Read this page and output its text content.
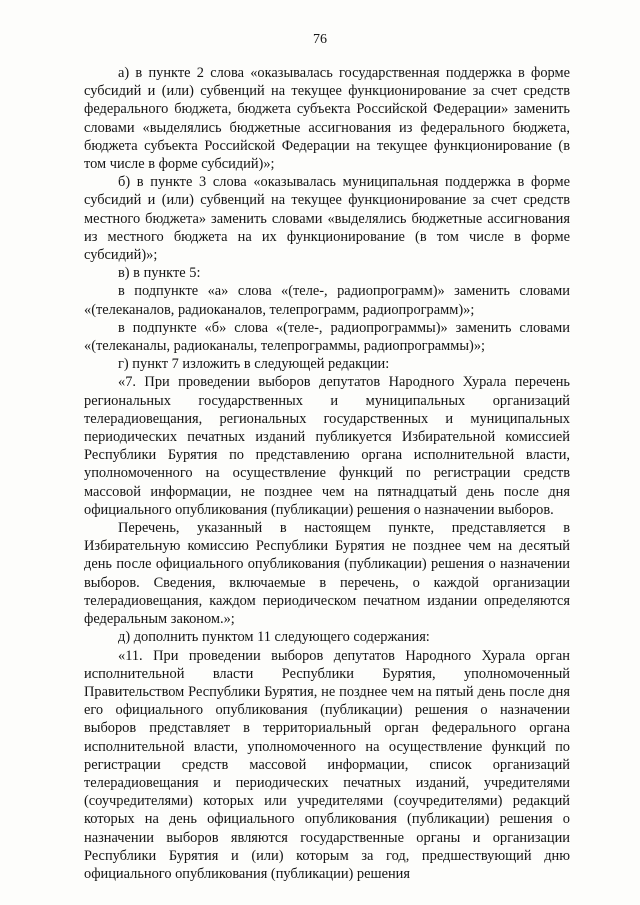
76

а) в пункте 2 слова «оказывалась государственная поддержка в форме субсидий и (или) субвенций на текущее функционирование за счет средств федерального бюджета, бюджета субъекта Российской Федерации» заменить словами «выделялись бюджетные ассигнования из федерального бюджета, бюджета субъекта Российской Федерации на текущее функционирование (в том числе в форме субсидий)»;

б) в пункте 3 слова «оказывалась муниципальная поддержка в форме субсидий и (или) субвенций на текущее функционирование за счет средств местного бюджета» заменить словами «выделялись бюджетные ассигнования из местного бюджета на их функционирование (в том числе в форме субсидий)»;

в) в пункте 5:

в подпункте «а» слова «(теле-, радиопрограмм)» заменить словами «(телеканалов, радиоканалов, телепрограмм, радиопрограмм)»;

в подпункте «б» слова «(теле-, радиопрограммы)» заменить словами «(телеканалы, радиоканалы, телепрограммы, радиопрограммы)»;

г) пункт 7 изложить в следующей редакции:

«7. При проведении выборов депутатов Народного Хурала перечень региональных государственных и муниципальных организаций телерадиовещания, региональных государственных и муниципальных периодических печатных изданий публикуется Избирательной комиссией Республики Бурятия по представлению органа исполнительной власти, уполномоченного на осуществление функций по регистрации средств массовой информации, не позднее чем на пятнадцатый день после дня официального опубликования (публикации) решения о назначении выборов.

Перечень, указанный в настоящем пункте, представляется в Избирательную комиссию Республики Бурятия не позднее чем на десятый день после официального опубликования (публикации) решения о назначении выборов. Сведения, включаемые в перечень, о каждой организации телерадиовещания, каждом периодическом печатном издании определяются федеральным законом.»;

д) дополнить пунктом 11 следующего содержания:

«11. При проведении выборов депутатов Народного Хурала орган исполнительной власти Республики Бурятия, уполномоченный Правительством Республики Бурятия, не позднее чем на пятый день после дня его официального опубликования (публикации) решения о назначении выборов представляет в территориальный орган федерального органа исполнительной власти, уполномоченного на осуществление функций по регистрации средств массовой информации, список организаций телерадиовещания и периодических печатных изданий, учредителями (соучредителями) которых или учредителями (соучредителями) редакций которых на день официального опубликования (публикации) решения о назначении выборов являются государственные органы и организации Республики Бурятия и (или) которым за год, предшествующий дню официального опубликования (публикации) решения
